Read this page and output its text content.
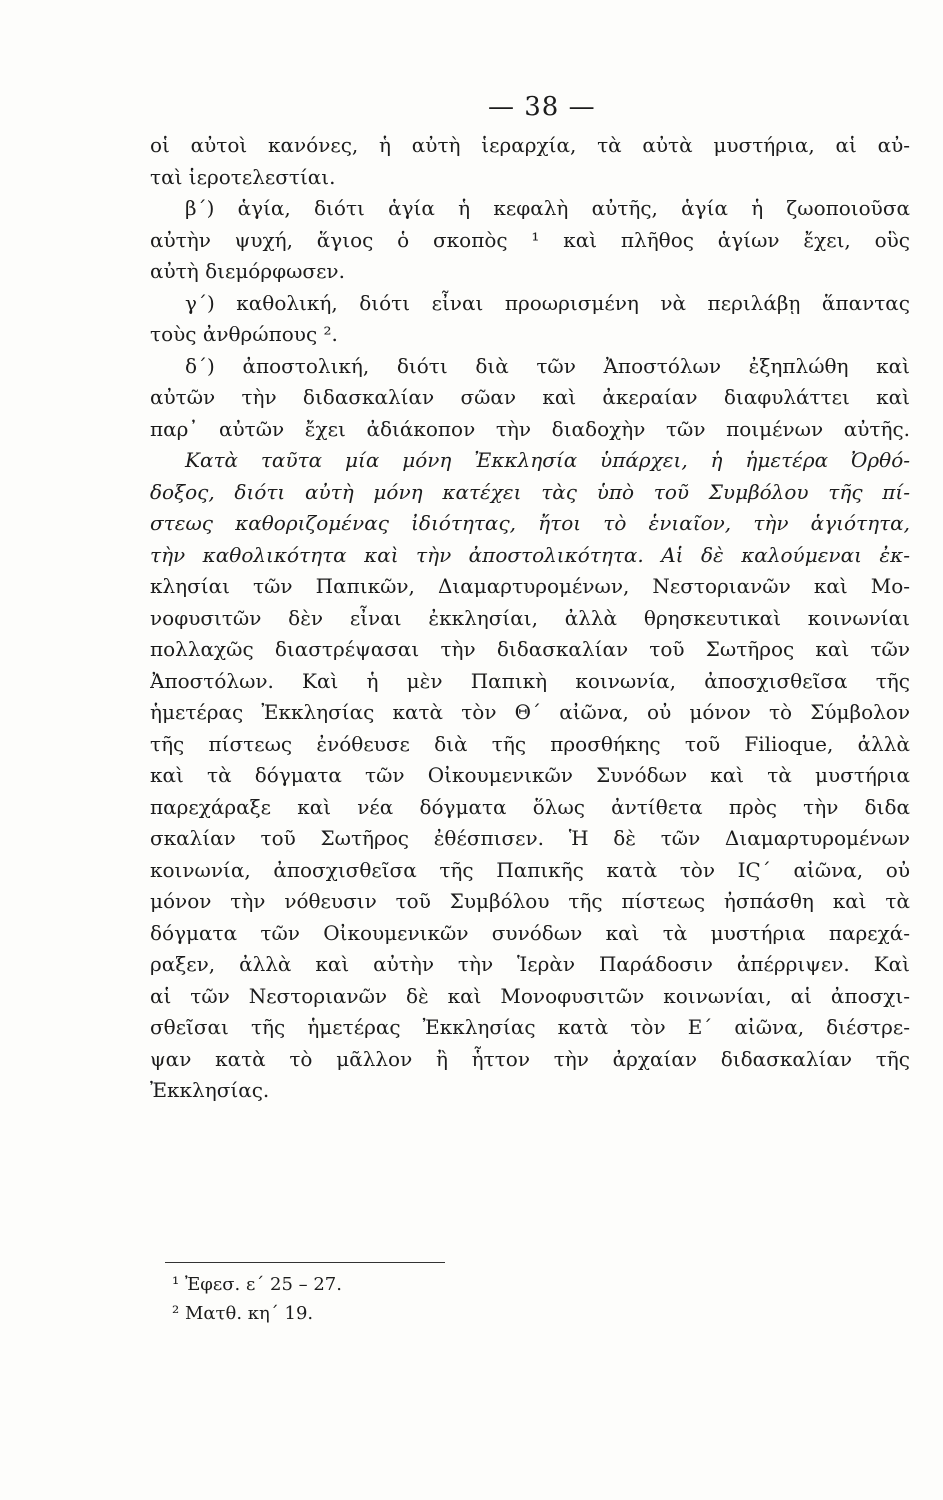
— 38 —
οἱ αὐτοὶ κανόνες, ἡ αὐτὴ ἱεραρχία, τὰ αὐτὰ μυστήρια, αἱ αὐ-
ταὶ ἱεροτελεστίαι.
β΄) ἁγία, διότι ἁγία ἡ κεφαλὴ αὐτῆς, ἁγία ἡ ζωοποιοῦσα
αὐτὴν ψυχή, ἅγιος ὁ σκοπὸς ¹ καὶ πλῆθος ἁγίων ἔχει, οὓς
αὐτὴ διεμόρφωσεν.
γ΄) καθολική, διότι εἶναι προωρισμένη νὰ περιλάβῃ ἅπαντας
τοὺς ἀνθρώπους ².
δ΄) ἀποστολική, διότι διὰ τῶν Ἀποστόλων ἐξηπλώθη καὶ
αὐτῶν τὴν διδασκαλίαν σῶαν καὶ ἀκεραίαν διαφυλάττει καὶ
παρ᾽ αὐτῶν ἔχει ἀδιάκοπον τὴν διαδοχὴν τῶν ποιμένων αὐτῆς.
Κατὰ ταῦτα μία μόνη Ἐκκλησία ὑπάρχει, ἡ ἡμετέρα Ὀρθό-
δοξος, διότι αὐτὴ μόνη κατέχει τὰς ὑπὸ τοῦ Συμβόλου τῆς πί-
στεως καθοριζομένας ἰδιότητας, ἤτοι τὸ ἑνιαῖον, τὴν ἁγιότητα,
τὴν καθολικότητα καὶ τὴν ἀποστολικότητα. Αἱ δὲ καλούμεναι ἐκ-
κλησίαι τῶν Παπικῶν, Διαμαρτυρομένων, Νεστοριανῶν καὶ Μο-
νοφυσιτῶν δὲν εἶναι ἐκκλησίαι, ἀλλὰ θρησκευτικαὶ κοινωνίαι
πολλαχῶς διαστρέψασαι τὴν διδασκαλίαν τοῦ Σωτῆρος καὶ τῶν
Ἀποστόλων. Καὶ ἡ μὲν Παπικὴ κοινωνία, ἀποσχισθεῖσα τῆς
ἡμετέρας Ἐκκλησίας κατὰ τὸν Θ΄ αἰῶνα, οὐ μόνον τὸ Σύμβολον
τῆς πίστεως ἐνόθευσε διὰ τῆς προσθήκης τοῦ Filioque, ἀλλὰ
καὶ τὰ δόγματα τῶν Οἰκουμενικῶν Συνόδων καὶ τὰ μυστήρια
παρεχάραξε καὶ νέα δόγματα ὅλως ἀντίθετα πρὸς τὴν διδα
σκαλίαν τοῦ Σωτῆρος ἐθέσπισεν. Ἡ δὲ τῶν Διαμαρτυρομένων
κοινωνία, ἀποσχισθεῖσα τῆς Παπικῆς κατὰ τὸν ΙϚ΄ αἰῶνα, οὐ
μόνον τὴν νόθευσιν τοῦ Συμβόλου τῆς πίστεως ἠσπάσθη καὶ τὰ
δόγματα τῶν Οἰκουμενικῶν συνόδων καὶ τὰ μυστήρια παρεχά-
ραξεν, ἀλλὰ καὶ αὐτὴν τὴν Ἱερὰν Παράδοσιν ἀπέρριψεν. Καὶ
αἱ τῶν Νεστοριανῶν δὲ καὶ Μονοφυσιτῶν κοινωνίαι, αἱ ἀποσχι-
σθεῖσαι τῆς ἡμετέρας Ἐκκλησίας κατὰ τὸν Ε΄ αἰῶνα, διέστρε-
ψαν κατὰ τὸ μᾶλλον ἢ ἧττον τὴν ἀρχαίαν διδασκαλίαν τῆς
Ἐκκλησίας.
¹ Ἐφεσ. ε΄ 25 – 27.
² Ματθ. κη΄ 19.
